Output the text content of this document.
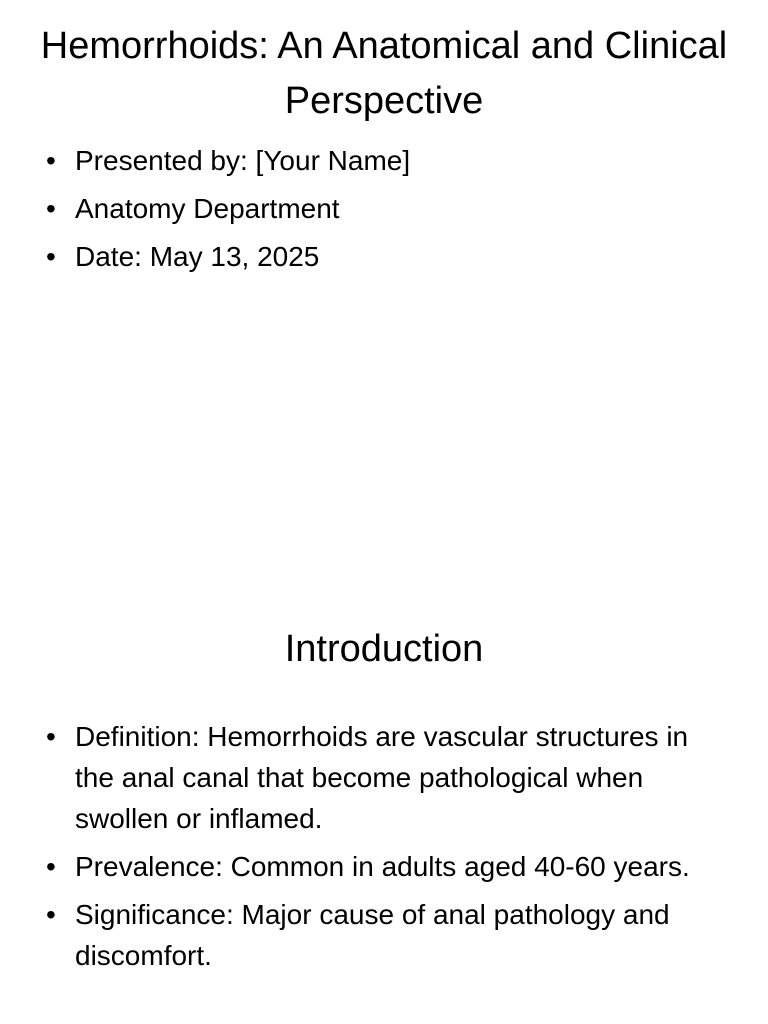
Hemorrhoids: An Anatomical and Clinical Perspective
• Presented by: [Your Name]
• Anatomy Department
• Date: May 13, 2025
Introduction
• Definition: Hemorrhoids are vascular structures in the anal canal that become pathological when swollen or inflamed.
• Prevalence: Common in adults aged 40-60 years.
• Significance: Major cause of anal pathology and discomfort.
